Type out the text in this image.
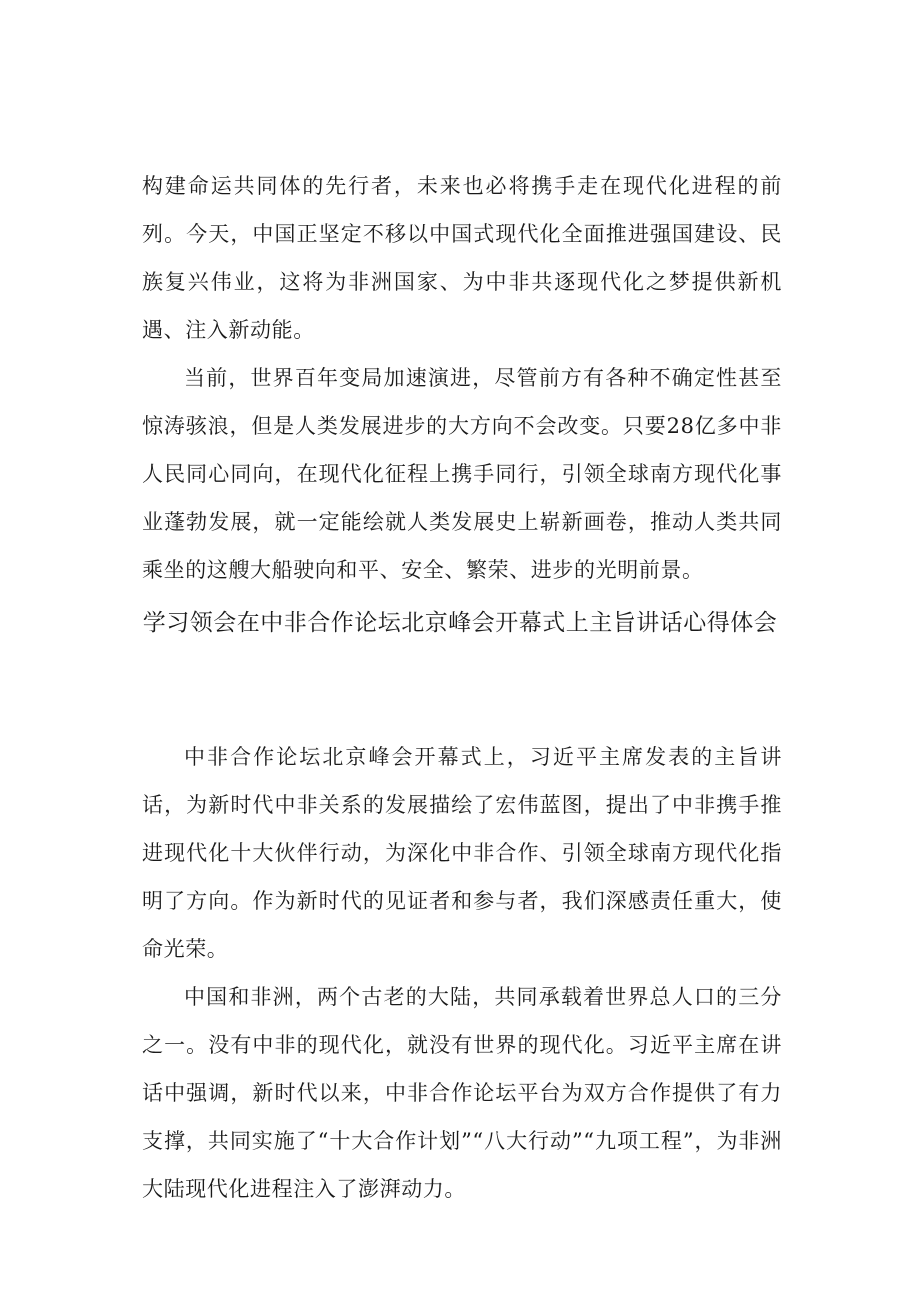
构建命运共同体的先行者，未来也必将携手走在现代化进程的前列。今天，中国正坚定不移以中国式现代化全面推进强国建设、民族复兴伟业，这将为非洲国家、为中非共逐现代化之梦提供新机遇、注入新动能。

当前，世界百年变局加速演进，尽管前方有各种不确定性甚至惊涛骇浪，但是人类发展进步的大方向不会改变。只要28亿多中非人民同心同向，在现代化征程上携手同行，引领全球南方现代化事业蓬勃发展，就一定能绘就人类发展史上崭新画卷，推动人类共同乘坐的这艘大船驶向和平、安全、繁荣、进步的光明前景。

学习领会在中非合作论坛北京峰会开幕式上主旨讲话心得体会

中非合作论坛北京峰会开幕式上，习近平主席发表的主旨讲话，为新时代中非关系的发展描绘了宏伟蓝图，提出了中非携手推进现代化十大伙伴行动，为深化中非合作、引领全球南方现代化指明了方向。作为新时代的见证者和参与者，我们深感责任重大，使命光荣。

中国和非洲，两个古老的大陆，共同承载着世界总人口的三分之一。没有中非的现代化，就没有世界的现代化。习近平主席在讲话中强调，新时代以来，中非合作论坛平台为双方合作提供了有力支撑，共同实施了“十大合作计划”“八大行动”“九项工程”，为非洲大陆现代化进程注入了澎湃动力。
